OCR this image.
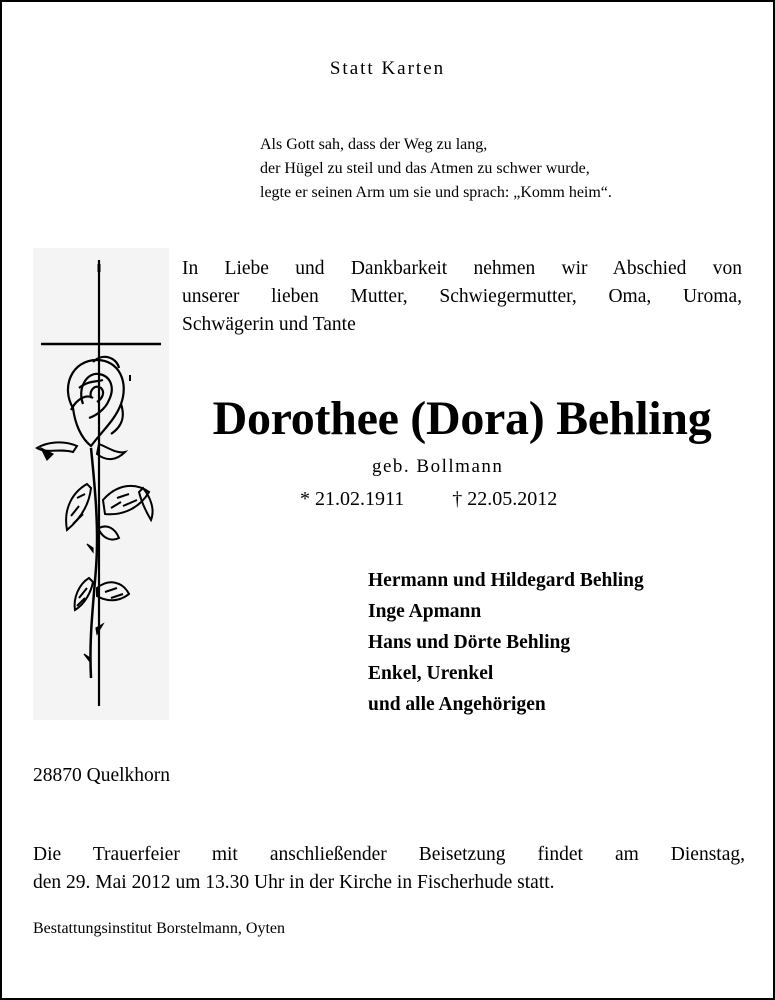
Statt Karten
Als Gott sah, dass der Weg zu lang,
der Hügel zu steil und das Atmen zu schwer wurde,
legte er seinen Arm um sie und sprach: „Komm heim“.
In Liebe und Dankbarkeit nehmen wir Abschied von
unserer lieben Mutter, Schwiegermutter, Oma, Uroma,
Schwägerin und Tante
Dorothee (Dora) Behling
geb. Bollmann
* 21.02.1911 † 22.05.2012
Hermann und Hildegard Behling
Inge Apmann
Hans und Dörte Behling
Enkel, Urenkel
und alle Angehörigen
28870 Quelkhorn
Die Trauerfeier mit anschließender Beisetzung findet am Dienstag,
den 29. Mai 2012 um 13.30 Uhr in der Kirche in Fischerhude statt.
Bestattungsinstitut Borstelmann, Oyten
